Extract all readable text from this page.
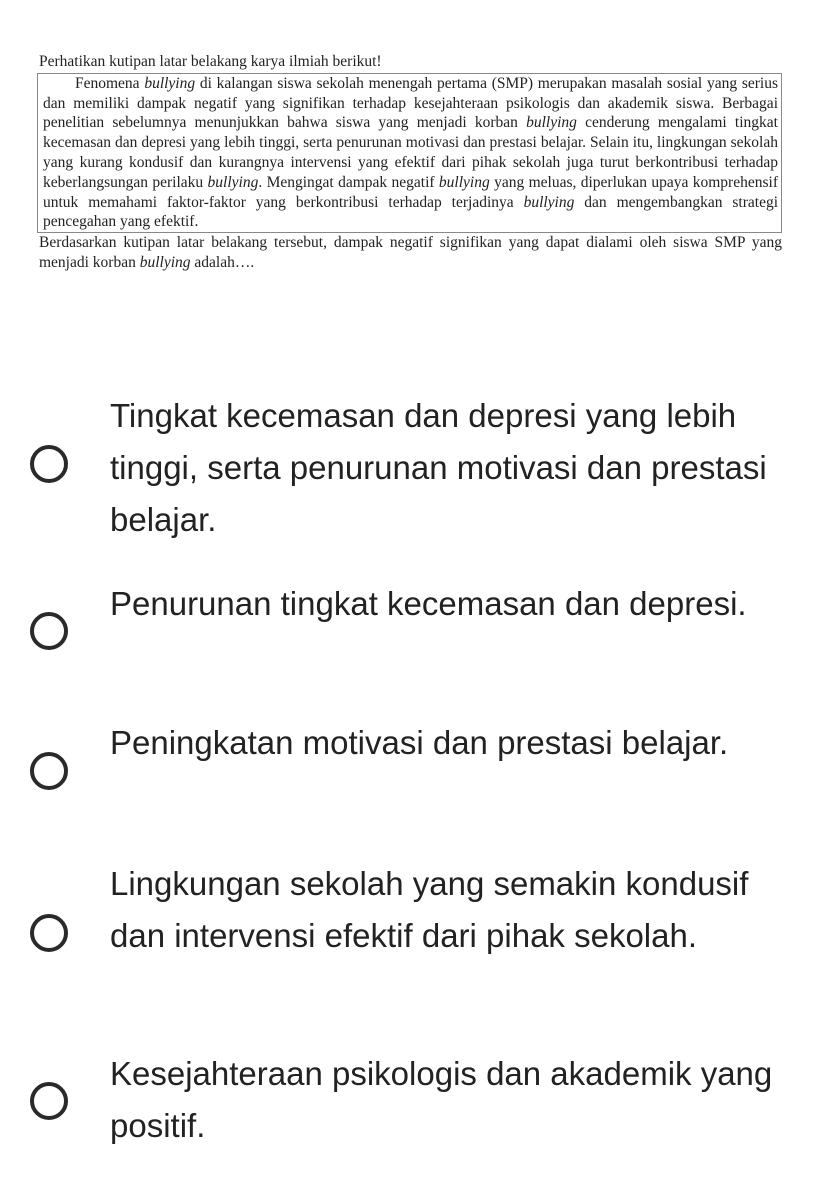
Perhatikan kutipan latar belakang karya ilmiah berikut!

Fenomena bullying di kalangan siswa sekolah menengah pertama (SMP) merupakan masalah sosial yang serius dan memiliki dampak negatif yang signifikan terhadap kesejahteraan psikologis dan akademik siswa. Berbagai penelitian sebelumnya menunjukkan bahwa siswa yang menjadi korban bullying cenderung mengalami tingkat kecemasan dan depresi yang lebih tinggi, serta penurunan motivasi dan prestasi belajar. Selain itu, lingkungan sekolah yang kurang kondusif dan kurangnya intervensi yang efektif dari pihak sekolah juga turut berkontribusi terhadap keberlangsungan perilaku bullying. Mengingat dampak negatif bullying yang meluas, diperlukan upaya komprehensif untuk memahami faktor-faktor yang berkontribusi terhadap terjadinya bullying dan mengembangkan strategi pencegahan yang efektif.

Berdasarkan kutipan latar belakang tersebut, dampak negatif signifikan yang dapat dialami oleh siswa SMP yang menjadi korban bullying adalah….

Tingkat kecemasan dan depresi yang lebih tinggi, serta penurunan motivasi dan prestasi belajar.
Penurunan tingkat kecemasan dan depresi.
Peningkatan motivasi dan prestasi belajar.
Lingkungan sekolah yang semakin kondusif dan intervensi efektif dari pihak sekolah.
Kesejahteraan psikologis dan akademik yang positif.
